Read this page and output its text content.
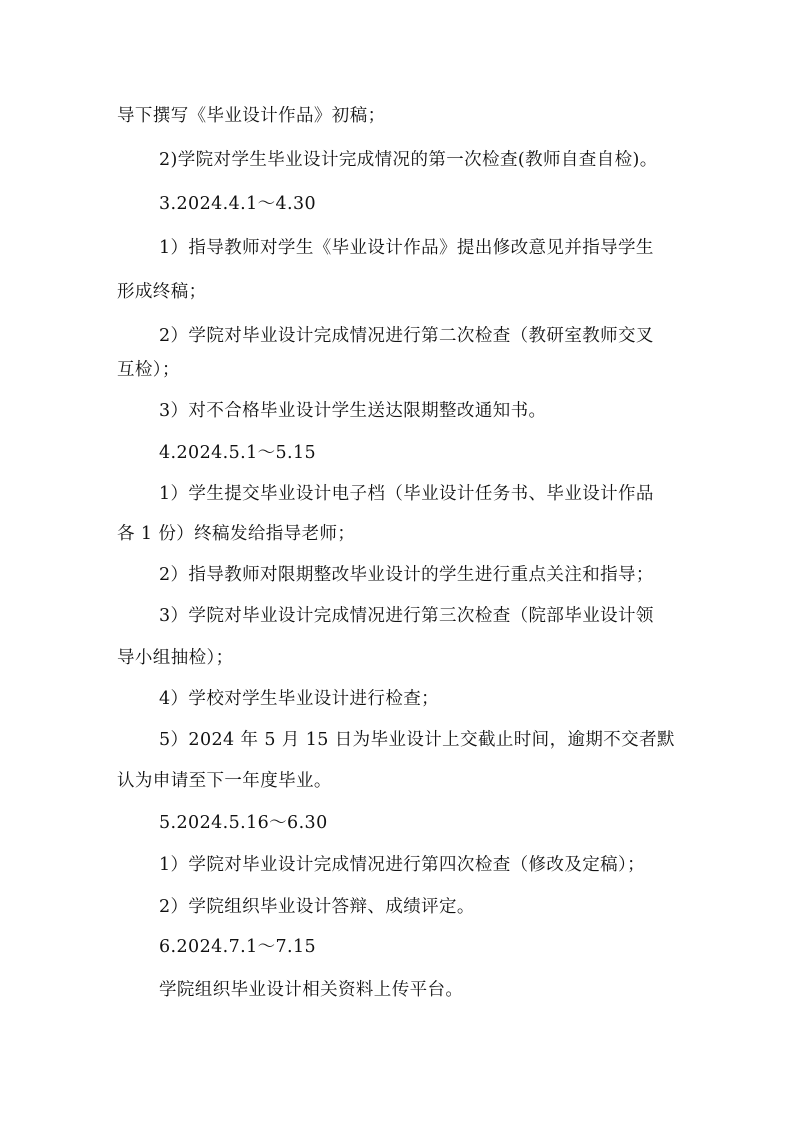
导下撰写《毕业设计作品》初稿；
2)学院对学生毕业设计完成情况的第一次检查(教师自查自检)。
3.2024.4.1～4.30
1）指导教师对学生《毕业设计作品》提出修改意见并指导学生
形成终稿；
2）学院对毕业设计完成情况进行第二次检查（教研室教师交叉
互检）；
3）对不合格毕业设计学生送达限期整改通知书。
4.2024.5.1～5.15
1）学生提交毕业设计电子档（毕业设计任务书、毕业设计作品
各 1 份）终稿发给指导老师；
2）指导教师对限期整改毕业设计的学生进行重点关注和指导；
3）学院对毕业设计完成情况进行第三次检查（院部毕业设计领
导小组抽检）；
4）学校对学生毕业设计进行检查；
5）2024 年 5 月 15 日为毕业设计上交截止时间，逾期不交者默
认为申请至下一年度毕业。
5.2024.5.16～6.30
1）学院对毕业设计完成情况进行第四次检查（修改及定稿）；
2）学院组织毕业设计答辩、成绩评定。
6.2024.7.1～7.15
学院组织毕业设计相关资料上传平台。
